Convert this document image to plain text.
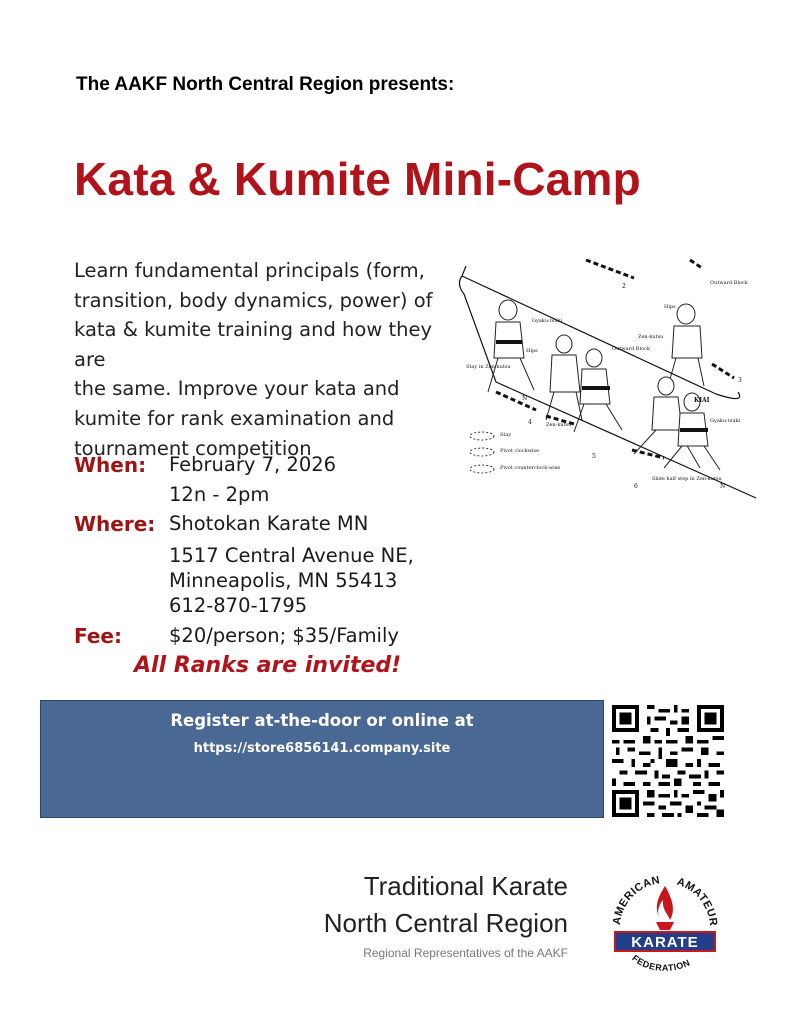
The AAKF North Central Region presents:
Kata & Kumite Mini-Camp
Learn fundamental principals (form,
transition, body dynamics, power) of
kata & kumite training and how they are
the same. Improve your kata and
kumite for rank examination and
tournament competition
When: February 7, 2026
12n - 2pm
Where: Shotokan Karate MN
1517 Central Avenue NE,
Minneapolis, MN 55413
612-870-1795
Fee: $20/person; $35/Family
All Ranks are invited!
Gyaku-tsuki
Hips
Stay in Zen-kutsu
Outward Block
Outward Block
Hips
Zen-kutsu
Zen-kutsu
Gyaku-tsuki
Stay
Pivot clockwise
Pivot counterclock-wise
Slide half step in Zen-kutsu
KIAI
N
N
2
3
4
5
6
Register at-the-door or online at
https://store6856141.company.site
Traditional Karate
North Central Region
Regional Representatives of the AAKF
AMERICAN AMATEUR
KARATE
FEDERATION
